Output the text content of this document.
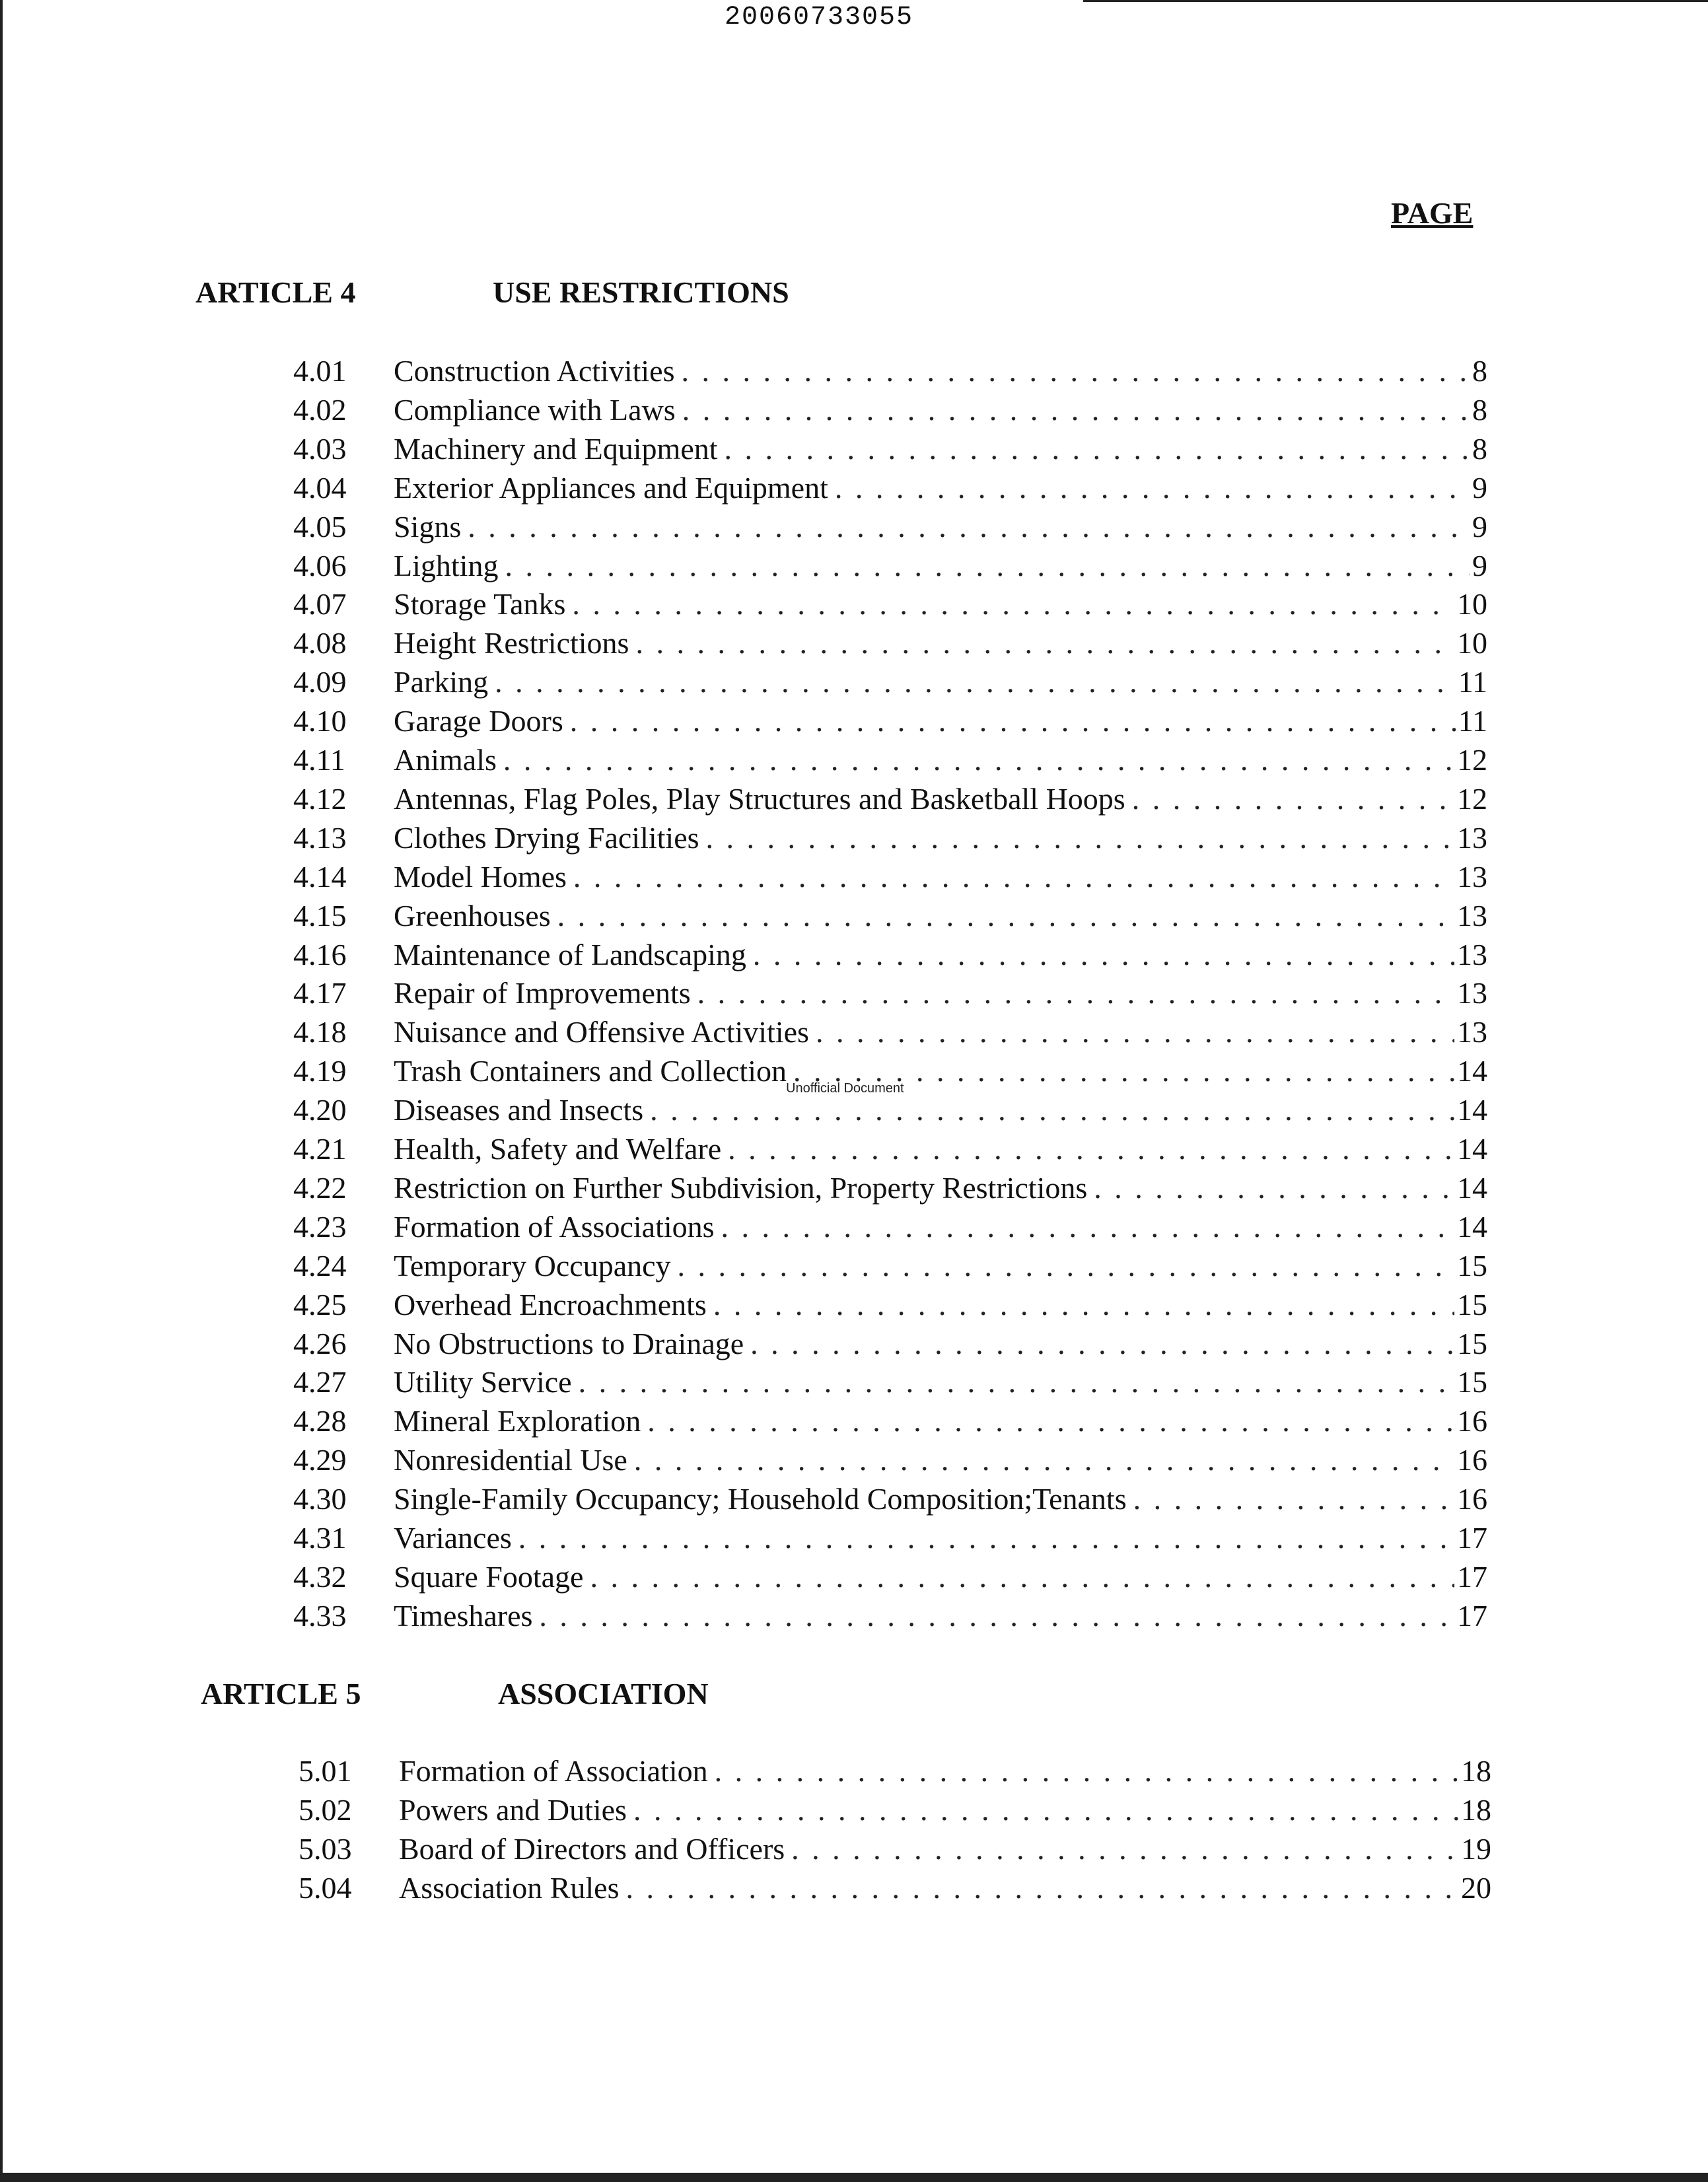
20060733055
PAGE
ARTICLE 4	USE RESTRICTIONS
ARTICLE 5	ASSOCIATION
4.01 Construction Activities . . .	8
4.02 Compliance with Laws . . .	8
4.03 Machinery and Equipment . . .	8
4.04 Exterior Appliances and Equipment . . .	9
4.05 Signs . . .	9
4.06 Lighting . . .	9
4.07 Storage Tanks . . .	10
4.08 Height Restrictions . . .	10
4.09 Parking . . .	11
4.10 Garage Doors . . .	11
4.11 Animals . . .	12
4.12 Antennas, Flag Poles, Play Structures and Basketball Hoops . . .	12
4.13 Clothes Drying Facilities . . .	13
4.14 Model Homes . . .	13
4.15 Greenhouses . . .	13
4.16 Maintenance of Landscaping . . .	13
4.17 Repair of Improvements . . .	13
4.18 Nuisance and Offensive Activities . . .	13
4.19 Trash Containers and Collection . . .	14
4.20 Diseases and Insects . . .	14
4.21 Health, Safety and Welfare . . .	14
4.22 Restriction on Further Subdivision, Property Restrictions . . .	14
4.23 Formation of Associations . . .	14
4.24 Temporary Occupancy . . .	15
4.25 Overhead Encroachments . . .	15
4.26 No Obstructions to Drainage . . .	15
4.27 Utility Service . . .	15
4.28 Mineral Exploration . . .	16
4.29 Nonresidential Use . . .	16
4.30 Single-Family Occupancy; Household Composition;Tenants . . .	16
4.31 Variances . . .	17
4.32 Square Footage . . .	17
4.33 Timeshares . . .	17
5.01 Formation of Association . . .	18
5.02 Powers and Duties . . .	18
5.03 Board of Directors and Officers . . .	19
5.04 Association Rules . . .	20
Unofficial Document
